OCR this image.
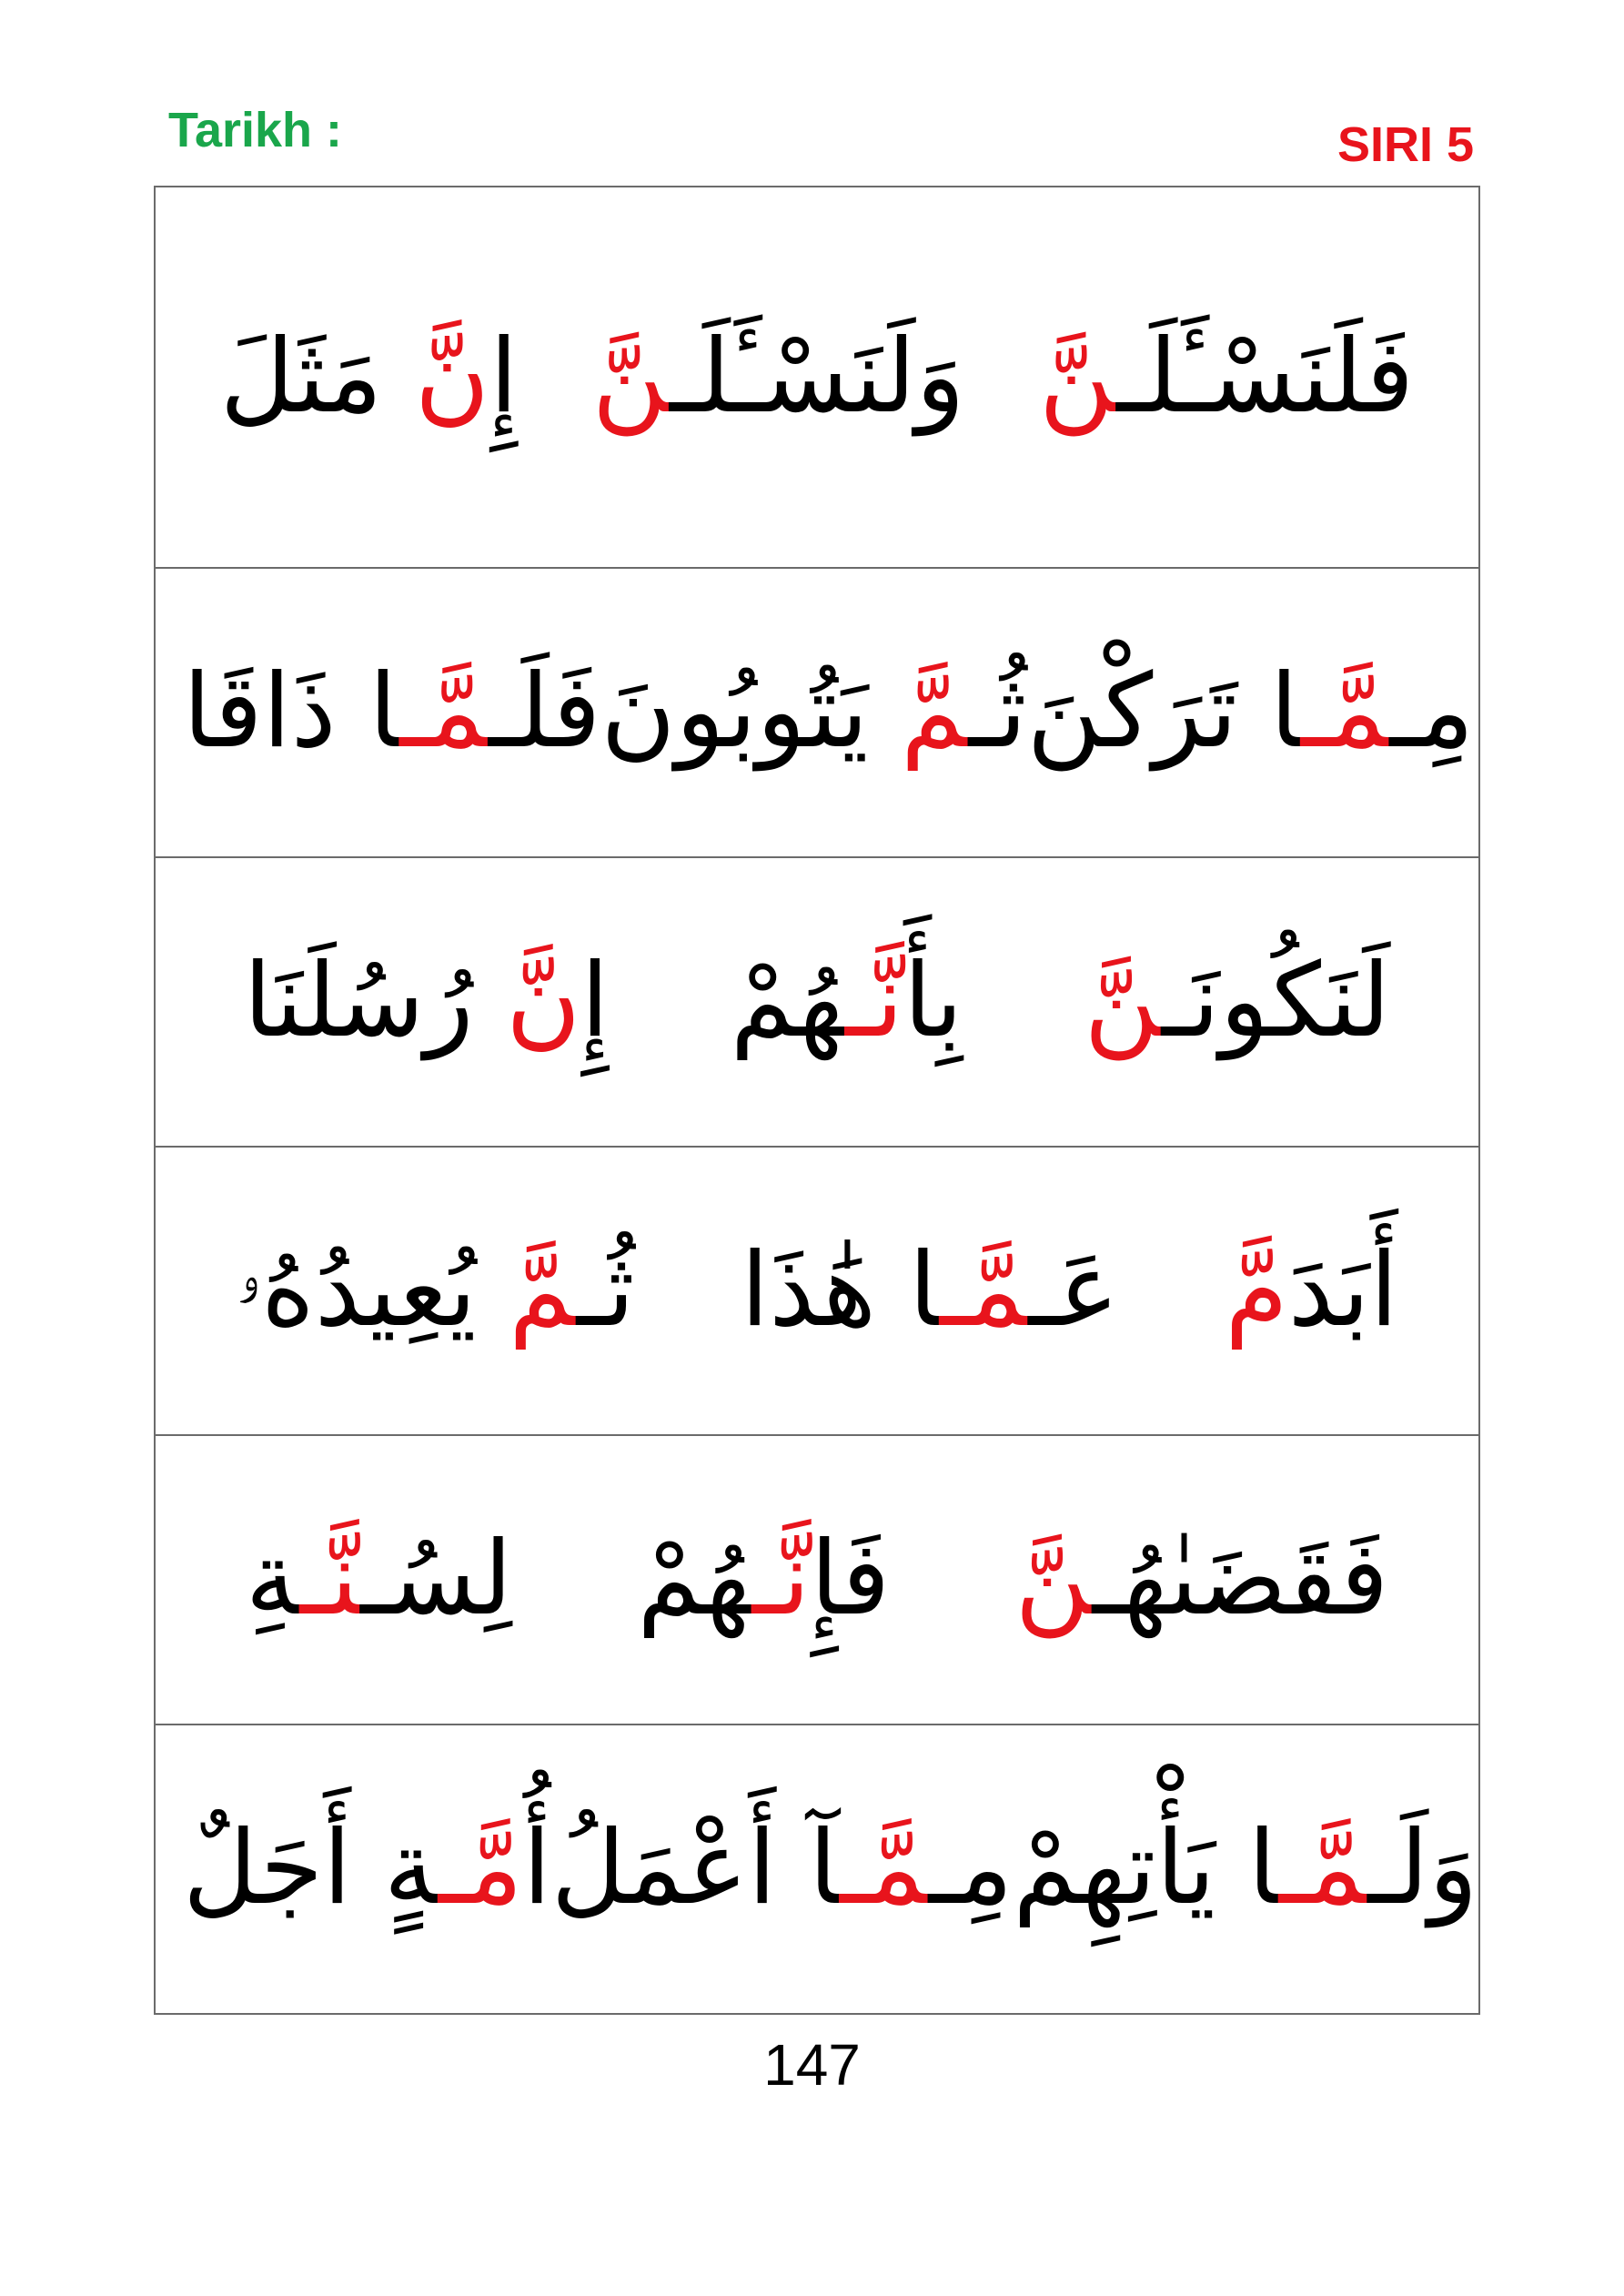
Tarikh :	SIRI 5
فَلَنَسْـَٔلَـنَّ
وَلَنَسْـَٔلَـنَّ
إِنَّ مَثَلَ
مِـمَّـا تَرَكْنَ
ثُـمَّ يَتُوبُونَ
فَلَـمَّـا ذَاقَا
لَنَكُونَـنَّ
بِأَنَّـهُمْ
إِنَّ رُسُلَنَا
أَبَدَمَّ
عَـمَّـا هَٰذَا
ثُـمَّ يُعِيدُهُۥ
فَقَضَىٰهُـنَّ
فَإِنَّـهُمْ
لِسُـنَّـةِ
وَلَـمَّـا يَأْتِهِمْ
مِـمَّـآ أَعْمَلُ
أُمَّـةٍ أَجَلٌ
147
